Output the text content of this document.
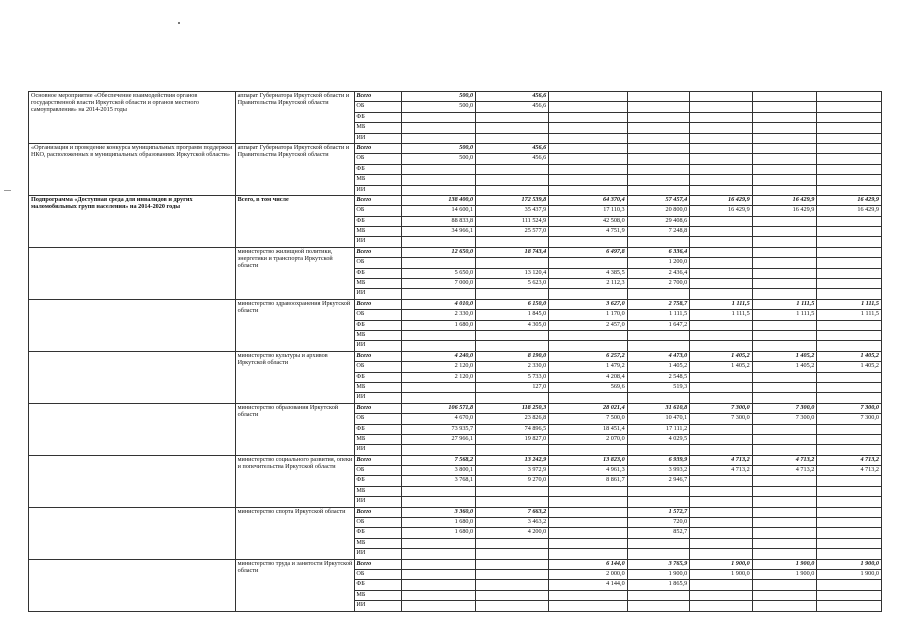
Основное мероприятие «Обеспечение взаимодействия органов государственной власти Иркутской области и органов местного самоуправления» на 2014-2015 годы	аппарат Губернатора Иркутской области и Правительства Иркутской области	Всего	500,0	456,6					
		ОБ	500,0	456,6					
		ФБ							
		МБ							
		ИИ							
«Организация и проведение конкурса муниципальных программ поддержки НКО, расположенных в муниципальных образованиях Иркутской области»	аппарат Губернатора Иркутской области и Правительства Иркутской области	Всего	500,0	456,6					
		ОБ	500,0	456,6					
		ФБ							
		МБ							
		ИИ							
Подпрограмма «Доступная среда для инвалидов и других маломобильных групп населения» на 2014-2020 годы	Всего, в том числе	Всего	138 400,0	172 539,8	64 370,4	57 457,4	16 429,9	16 429,9	16 429,9
		ОБ	14 600,1	35 437,9	17 110,3	20 800,0	16 429,9	16 429,9	16 429,9
		ФБ	88 833,8	111 524,9	42 508,0	29 408,6			
		МБ	34 966,1	25 577,0	4 751,9	7 248,8			
		ИИ							
	министерство жилищной политики, энергетики и транспорта Иркутской области	Всего	12 650,0	18 743,4	6 497,8	6 336,4			
		ОБ				1 200,0			
		ФБ	5 650,0	13 120,4	4 385,5	2 436,4			
		МБ	7 000,0	5 623,0	2 112,3	2 700,0			
		ИИ							
	министерство здравоохранения Иркутской области	Всего	4 010,0	6 150,0	3 627,0	2 758,7	1 111,5	1 111,5	1 111,5
		ОБ	2 330,0	1 845,0	1 170,0	1 111,5	1 111,5	1 111,5	1 111,5
		ФБ	1 680,0	4 305,0	2 457,0	1 647,2			
		МБ							
		ИИ							
	министерство культуры и архивов Иркутской области	Всего	4 240,0	8 190,0	6 257,2	4 473,0	1 405,2	1 405,2	1 405,2
		ОБ	2 120,0	2 330,0	1 479,2	1 405,2	1 405,2	1 405,2	1 405,2
		ФБ	2 120,0	5 733,0	4 208,4	2 548,5			
		МБ		127,0	569,6	519,3			
		ИИ							
	министерство образования Иркутской области	Всего	106 571,8	118 250,3	28 021,4	31 610,8	7 300,0	7 300,0	7 300,0
		ОБ	4 670,0	23 826,8	7 500,0	10 470,1	7 300,0	7 300,0	7 300,0
		ФБ	73 935,7	74 896,5	18 451,4	17 111,2			
		МБ	27 966,1	19 827,0	2 070,0	4 029,5			
		ИИ							
	министерство социального развития, опеки и попечительства Иркутской области	Всего	7 568,2	13 242,9	13 823,0	6 939,9	4 713,2	4 713,2	4 713,2
		ОБ	3 800,1	3 972,9	4 961,3	3 993,2	4 713,2	4 713,2	4 713,2
		ФБ	3 768,1	9 270,0	8 861,7	2 946,7			
		МБ							
		ИИ							
	министерство спорта Иркутской области	Всего	3 360,0	7 663,2		1 572,7			
		ОБ	1 680,0	3 463,2		720,0			
		ФБ	1 680,0	4 200,0		852,7			
		МБ							
		ИИ							
	министерство труда и занятости Иркутской области	Всего			6 144,0	3 765,9	1 900,0	1 900,0	1 900,0
		ОБ			2 000,0	1 900,0	1 900,0	1 900,0	1 900,0
		ФБ			4 144,0	1 865,9			
		МБ							
		ИИ							
